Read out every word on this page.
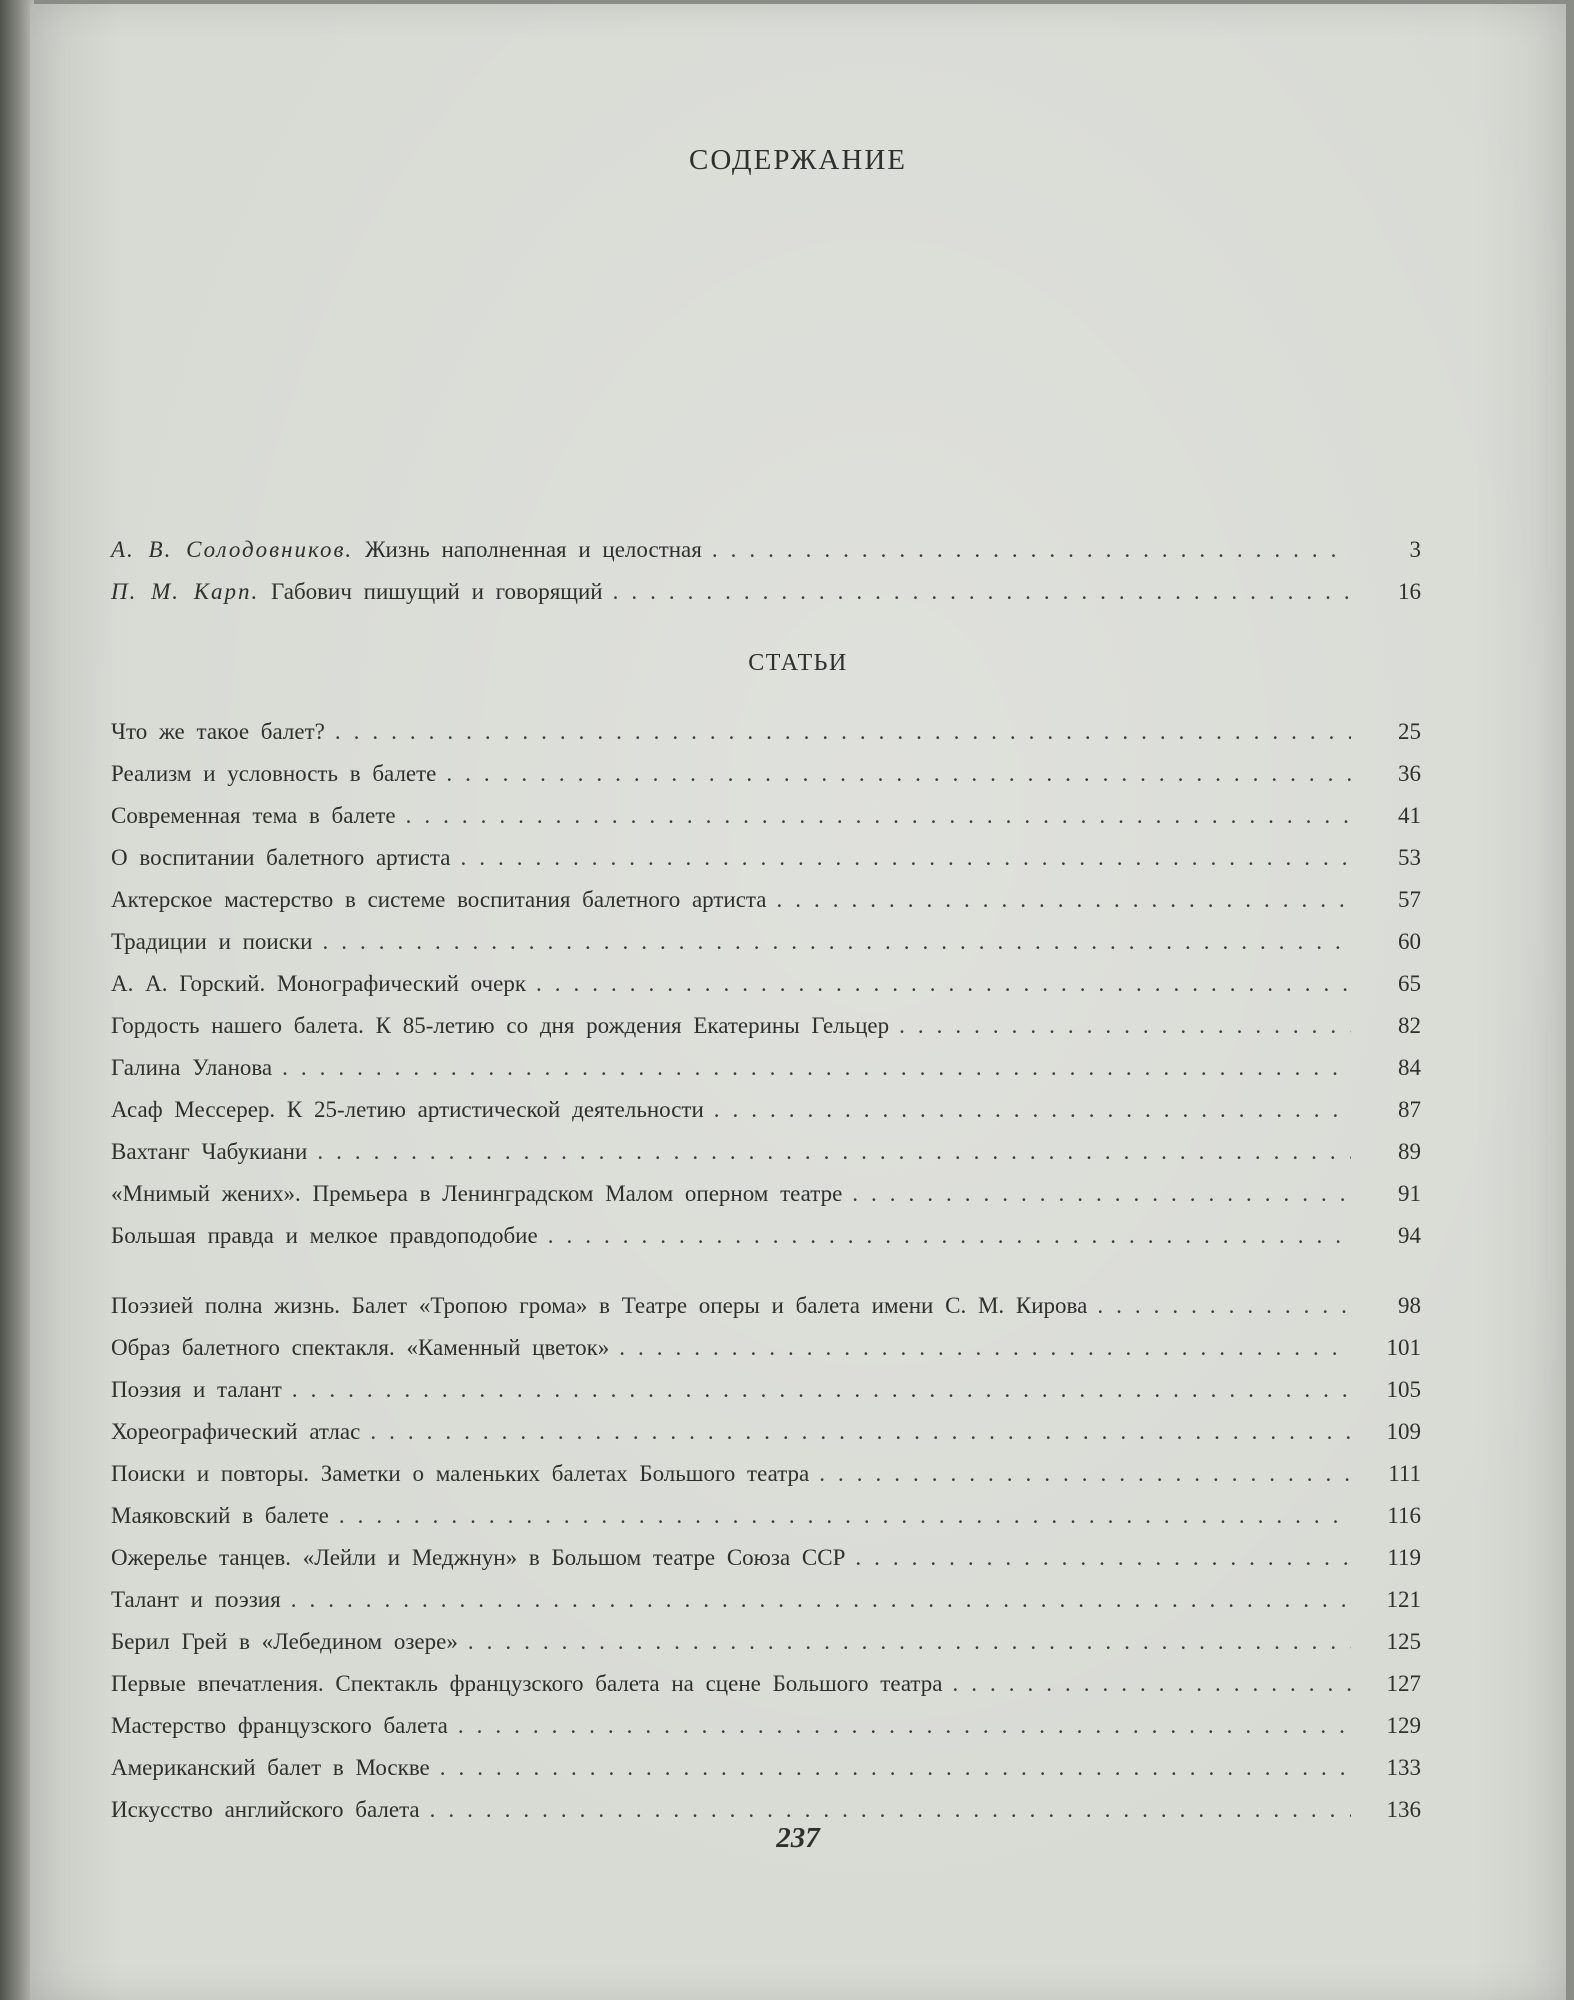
СОДЕРЖАНИЕ
А. В. Солодовников. Жизнь наполненная и целостная .....	3
П. М. Карп. Габович пишущий и говорящий .....	16
СТАТЬИ
Что же такое балет? .....	25
Реализм и условность в балете .....	36
Современная тема в балете .....	41
О воспитании балетного артиста .....	53
Актерское мастерство в системе воспитания балетного артиста .....	57
Традиции и поиски .....	60
А. А. Горский. Монографический очерк .....	65
Гордость нашего балета. К 85-летию со дня рождения Екатерины Гельцер .....	82
Галина Уланова .....	84
Асаф Мессерер. К 25-летию артистической деятельности .....	87
Вахтанг Чабукиани .....	89
«Мнимый жених». Премьера в Ленинградском Малом оперном театре .....	91
Большая правда и мелкое правдоподобие .....	94
Поэзией полна жизнь. Балет «Тропою грома» в Театре оперы и балета имени С. М. Кирова .....	98
Образ балетного спектакля. «Каменный цветок» .....	101
Поэзия и талант .....	105
Хореографический атлас .....	109
Поиски и повторы. Заметки о маленьких балетах Большого театра .....	111
Маяковский в балете .....	116
Ожерелье танцев. «Лейли и Меджнун» в Большом театре Союза ССР .....	119
Талант и поэзия .....	121
Берил Грей в «Лебедином озере» .....	125
Первые впечатления. Спектакль французского балета на сцене Большого театра .....	127
Мастерство французского балета .....	129
Американский балет в Москве .....	133
Искусство английского балета .....	136
237
